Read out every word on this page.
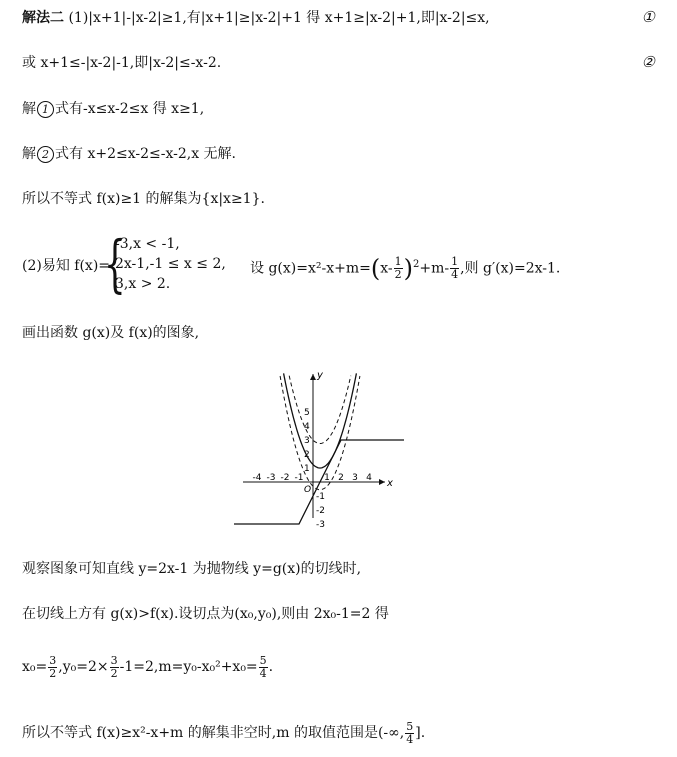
解法二 (1)|x+1|-|x-2|≥1,有|x+1|≥|x-2|+1 得 x+1≥|x-2|+1,即|x-2|≤x,	①
或 x+1≤-|x-2|-1,即|x-2|≤-x-2.	②
解 1 式有-x≤x-2≤x 得 x≥1,
解 2 式有 x+2≤x-2≤-x-2,x 无解.
所以不等式 f(x)≥1 的解集为{x|x≥1}.
(2)易知 f(x)=
{
-3,x < -1,
2x-1,-1 ≤ x ≤ 2,
3,x > 2.
设 $g(x)=x^2-x+m=(x- \frac{1}{2} )^2+m- \frac{1}{4}$ ,则 g′(x)=2x-1.
画出函数 g(x)及 f(x)的图象,
x
y
O
-4 -3 -2 -1 1 2 3 4
5
4
3
2
1
-1
-2
-3
观察图象可知直线 y=2x-1 为抛物线 y=g(x)的切线时,
在切线上方有 g(x)>f(x).设切点为(x₀,y₀),则由 2x₀-1=2 得
$x_0= \frac{3}{2} ,y_0=2\times \frac{3}{2} -1=2,m=y_0-x_0^2+x_0= \frac{5}{4}$ .
所以不等式 f(x)≥x²-x+m 的解集非空时,m 的取值范围是(-∞, $\frac{5}{4}$ ].
